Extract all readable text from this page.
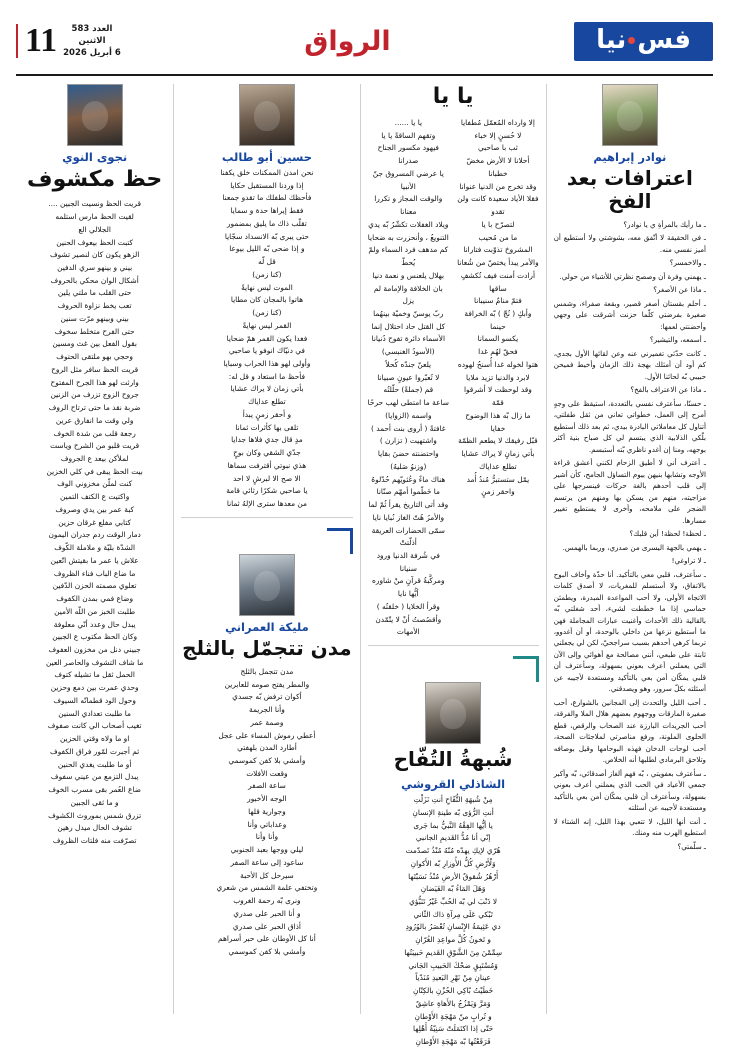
11	العدد 583
الاثنين
6 أبريل 2026	الرواق	فسنيا
نوادر إبراهيم
اعترافات بعد الفخ

ـ ما رأيك بالمرأةِ ي يا نوادر؟

ـ في الحقيقة لا أتّفق معه، بشوشتي ولا أستطيع أن أميز نفسي منه.

ـ والاخمسر؟

ـ يهمني وفرة أن وصصح نظرتي للأشياء من حولي.

ـ ماذا عن الأصغر؟

ـ أحلم بقستان أصغر قصير، وبقعة صفراء، وشمس صغيرة بفرضتي كلّما حزنت أشرقت على وجهي وأحضنتي لعمها:

ـ أسمعه، والتيشير؟

ـ كانت حدّثي تغميرني عنه وعن لقائها الأول بجدي، كم أود أن أمثلك بهجة ذلك الزمان وأخيط فميحن حبيبي بّه لحائنا الأول.

ـ ماذا عن الاعتراف بالفخ؟

ـ حسنًا، سأعترف نفسي بالتعددة، استيقظ على وجهٍ أمرح إلى العمل، خطواتي تعاني من ثقل طفلتي، أتناول كل معاملاتي البادرة بيدي، ثم بعد ذلك أستطيع بلّكي الذلابية الذي يبتسم لي كل صباح بنية أكثر بوجهه، ومنا إن أغدو ناظري بّته أستبسم.

ـ أعترف أني لا أطيق الزحام لكنني أعشق قراءة الأوجه وتشابها بنيهن بيوم التساؤل الجامح، كأن أشير إلى قلب أحدهم بالغة حركات فينسرجها على مزاجيته، منهم من يسكن بها ومنهم من يرتسم الضجر على ملامحه، وأخرى لا يستطيع تغيير مسارها.

ـ لحظة! لحظة! أين قلبك؟

ـ يهمي بالجهة اليسرى من صدري، وربما بالهمس.

ـ لا تراوغي!

ـ سأعترف، قلبي معي بالتأكيد. أنا حدّة وأخاف البوح بالاتفاق، ولا أستسلم للمغريات، لا أصدق كلمات الاتجاه الأولى، ولا أحب المواعدة المبدرة، ويطمئن حماسي إذا ما خططت لشيء، أحد شغلتي بّه بالقالية ذلك الأحداث وأغنيت عبارات المجاملة فهن ما أستطيع نزعها من داخلي بالوحدة، أو أن أغدوو، تربما كرهي أحدهم بسبب سراجحيّ، لكن لي يجعلني ثابتة على طبعي، أنني مصالحة مع أهوائي وإلى الآن التي يعملني أعرف بعوني بسهولة، وسأعترف أن قلبي يمكّان أمن بعي بالتأكيد ومستعدة لأجيبه عن أسئلته بكلّ سرور، وهو ويصدقني.

ـ أحب الليل والتحدث إلى المجانين بالشوارع، أحب صغيرة المارقات ووجهوم بعضهم هلال الملا والفرقة، أحب الجريدات البارزة عند الصحاب والرقص، قطع الحلوى الملونة، ورفع مناصرتي لملاجئات الصحة، أحب لوحات الدخان فهذه البوحامها وقيل بوصافه وتلاحق البرمادي لطلبها أنه الخلاص.

ـ سأعترف بعفويتي ، بّه فهم ألغاز أصدقائي، بّه وأكبر جمعي الأعياد في الحب الذي يعملني أعرف بعوني بسهولة، وسأعترف أن قلبي يمكّان أمن بعي بالتأكيد ومستعدة لأجيبه عن أسئلته

ـ أنت أنها الليل، لا تتعبي بهذا الليل، إنه الشتاء لا استطيع الهرب منه ومنك.

ـ سلّمتي؟

يا يا

إلا وارداه المُعمّل مُطفايا

لا حُسنٍ إلا خباء

ثب با صاحبي

أحلانا لا الأرض مخضّ خطبانا

وقد تخرج من الدنيا عنوانا

فقلا الأياد سعيدة كانت ولن تقدو

لتصرّح با يا

ما من مُحيب

المشروخ تذوّبت فتارانا

والأمر يبدأ يختصّ من شُعانا

أرادت أمنت فيف تُكشفٍ ساقها

فتمّ منامٌ سنيبانا

وأبكٍ ( نُجّ ) بّه الخرافة حينما

يكسو السمانا

فحقّ لهُم غدا

هتوا لخوله غدا أُسنحُ لهوده

لابرد والدنيا تزيد ملايا

وقد لوحظت لا أشرقوا قمّة

ما زال بّه هذا الوضوح خفايا

قبّل رفيقك لا يطعم الظمّة

بأتي زمانٍ لا يراك عشايا

تطلع عداياك

يمّل ستستبرُّ مُندُ أُمد

واحقر زمنٍ

يا يا ......

وتقهم الساقةً يا يا

فيهود مكسور الجناح صدرانا

يا عرضي المسروق جنّ الأنبيا

والوقت المجاز و تكررا معنانا

ويلاد الغفلات تكشّرُ بّه يدي

التنويعُ ، وأنحزرت به ضحايا

كم مدهف فرد السماء ولمّ يُحطّ

بهلال يلعنس و نعمة دنيا

بان الخلافة والإمامة لم يزل

ربّ يوسنّ وخميّة بينهُما

كل القتل حاد احتلال إنما

الأسماء دائرة تفوح دُنيانا

(الأسودُ الغنبسي)

يلعنّ جندّه كُحلاً

لا تُعبّروا عيونٍ صبيانا

قم (جملةً) حلّلتُه

ساعة ما امتطى لهب حرحًا

واسمه (الزوايا)

غافتةً ( أروى بنت أحمد )

واشتهيت ( تزارن )

واحتضنته حضنَ بقايا

(وزنوُ صَليهُ)

هناك ماءٌ وعُثويّهم حُدّلوهُ

ما خَطّموا أمهّم صنّانا

وقد أتى التاريخ يقرأ ثُمّ لما

والأمرُ هُتّ الغاز نُبايا نايا

سمّى الحضارات العريقة أذلّتتْ

في شُرفة الدنيا ورود سنيانا

ومركَّبةُ قرآنٍ منْ شاوره أيُّها نايا

وقرأ الخلايا ( خلقتُه )

وأقصُصتُ أنْ لا يتّمّدن الأمهات

شُبهةُ التُفّاح
الشاذلي القروشي

مِنْ شُبهَةِ التُّفّاحِ أنتِ نَزَلْتِ

أنتِ الرُّؤى بّه طينةِ الإنسانِ

يا أيُّها الفِقْهُ النَّبيُّ بما جَرى

إنّي أنا مُدُّ القَديمِ الجانبي

هُرّي لإيكِ يهدّه مُنّهُ مُنْذُ تَصدّمت

وَلْأَرْضِ كُلُّ الأُوزارِ بّه الأَكوانِ

أَرْهُرُ شُقوقٌ الأرضِ مُنْذُ نَسَبْتَها

وَهَلَ المَاءُ بّه الفَيَضانِ

لا ذَنْبَ لي بّه الحُبِّ غَيْرُ تَنَبُّؤي

تَبْكي عَلَى مِرآةِ ذاك الثّاني

دي عَثِيمَةُ الإِنْسانِ تُعْصَرُ بالوُرُودِ

و تَخونُ كُلَّ مواعِدِ الغُرّانِ

سِمِّمْنَ مِنَ الشَّوْقِ القَديمِ حَبيبَتُها

وَمُسْتَبِقٍ ضحْكَ الحَبيبِ الجَاني

عينانِ مِنْ نَهْرِ البَعيدِ مُنَدّياً

خَطَيْتُ بّاكِي الحُزْنِ بالكِتّانِ

وَمَرَّ وَيَمْزُجُ بالأَهاةِ عاشِقٌ

و تُرابٍ منّ مَهْجَةِ الأَوْطانِ

حَتّى إذا اكتَمَلَتْ سَنِيّةُ أَهْلِها

فَرَقَعْتُها بّه مَهْجَةِ الأَوْطانِ

حسين أبو طالب

نحن امدن الممكنات خلق يكفنا

إذا وردنا المستقبل حكايا

فأحظك لطفلك ما تقدو جمعنا

فقط إيراها حدة و سمايا

تقلّب ذاك ما يليق بمضمور

حتى يبرى بّه الانسداد سجّايا

و إذا ضحى بّه الليل بيوعا

قل لّه

(كنا زمن)

الموت ليس نهايةً

هاتوا بالمجان كان مطايا

(كنا زمن)

القمر ليس نهايةً

فغدا يكون القمر همّ ضحايا

في دنيّاك انوفو يا صاحبي

وأولى لهو هذا الحراب وسبايا

فأحظ ما استعاد و قل له:

بأتي زمان لا يراك عشايا

تطلع عداياك

و أحقر زمنٍ يبدأ

تلقى بها كأثرات ثمانا

مدٍ قال جدي فلاها جدايا

جدّي الشقي وكان بوحٍ

هذي نبوتي أقترفت سماها

الا صح الا لبرشٍ لا احد

يا صاحبي شكرًا رثائي قامة

من معدها سترى الإلهُ ثمانا

مليكة العمراني
مدن تتجمّل بالثلج

مدن تتجمل بالثلج

والمطر يفتح صومه للعابرين

أكوان ترفض بّه جسدي

وأنا الجريمة

وصمة عمر

أعطي رموش المساء على عجل

أطارد المدن بلهفتي

وأمشي بلا كفن كموسمي

وقعت الأفلات

ساعة الصفر

الوجه الأخبور

وجوارية قلها

وعداباتي وأنا

وأنا وأنا

ليلي ووجها بعبد الجنوبي

ساعود إلى ساعة الصفر

سيرحل كل الأحبة

وتختفي علمة الشمس من شعري

ونرى بّه رحمة الغروب

و أنا الحبر على صدري

أذاق الحبر على صدري

أنا كل الأوطان على حبر أسراهم

وأمشي بلا كفن كموسمي

نجوى النوي
حظ مكشوف

قريت الحظ ونسيت الجبين ....

لقيت الحظ مارس استلمه

الجلالي الع

كتبت الحظ بيعوف الحنين

الزهو يكون كان لنصير تشوف

بيني و بينهو سري الدفين

أشكال الوان محكي بالحروف

حتى القلب ما ملتي يلين

تعب يخط نزاوة الحروف

بيني وبينهو مرّت سنين

حتى الفرح متخلط سخوف

بقول الفعل بين غث ومسين

وحجي بهو ملتقى الحتوف

قريت الحظ سافر مثل الروح

وارثت لهو هذا الجرح المفتوح

جروح الزوج تزرف من الزنين

ضربة نقد ما حتى ترتاح الروف

ولي وقت ما انفارق عرين

رجعة قلب من شدة الخوف

قريت قلبو من الشرح وياست

لملأكن بيعد ع الجروف

بيت الحظ يبقى في كلي الخزين

كنت لملّن مخزوني الوف

واكتيت ع الكتف التمين

كبة عمر بين يدي وصروف

كتابي مفلع غرقان حزين

دمار الوقت ردم جدران اليمون

الشدّة بليّة و ملاملة الكّوف

علاش يا عمر ما بقيتش اتّعين

ما ضاع الباب فناء الظروف

تعلوي مصمته الحزن الدّفين

وضاع فمي بمدن الكفوف

طلبت الخبز من اللّه الأمين

يبدل حال وعدد أنّي معلوفة

وكان الحظ مكتوب ع الجبين

جبيني دنل من مخزون العفوف

ما شاف التشوف والحاصر العين

الحمل ثقل ما تشيله كتوف

وحدي عمرت بين دمع وحزين

وحول الود قطماتّه السيوف

ما طلبت تعدادي السنين

تغيب أصحاب الي كانت صفوف

او ما ولاه وقتي الحزين

ثم أجبرت لمّور فراق الكفوف

أو ما طلبت يغدي الحنين

يبدل التزمع من عيني سفوف

ضاع العُمر بقى مسرب الخوف

و ما ثقى الجبين

تزرق شمس بموروث الكشوف

تشوف الحال ميدل رهين

تصرّفت منه فلتات الظروف
